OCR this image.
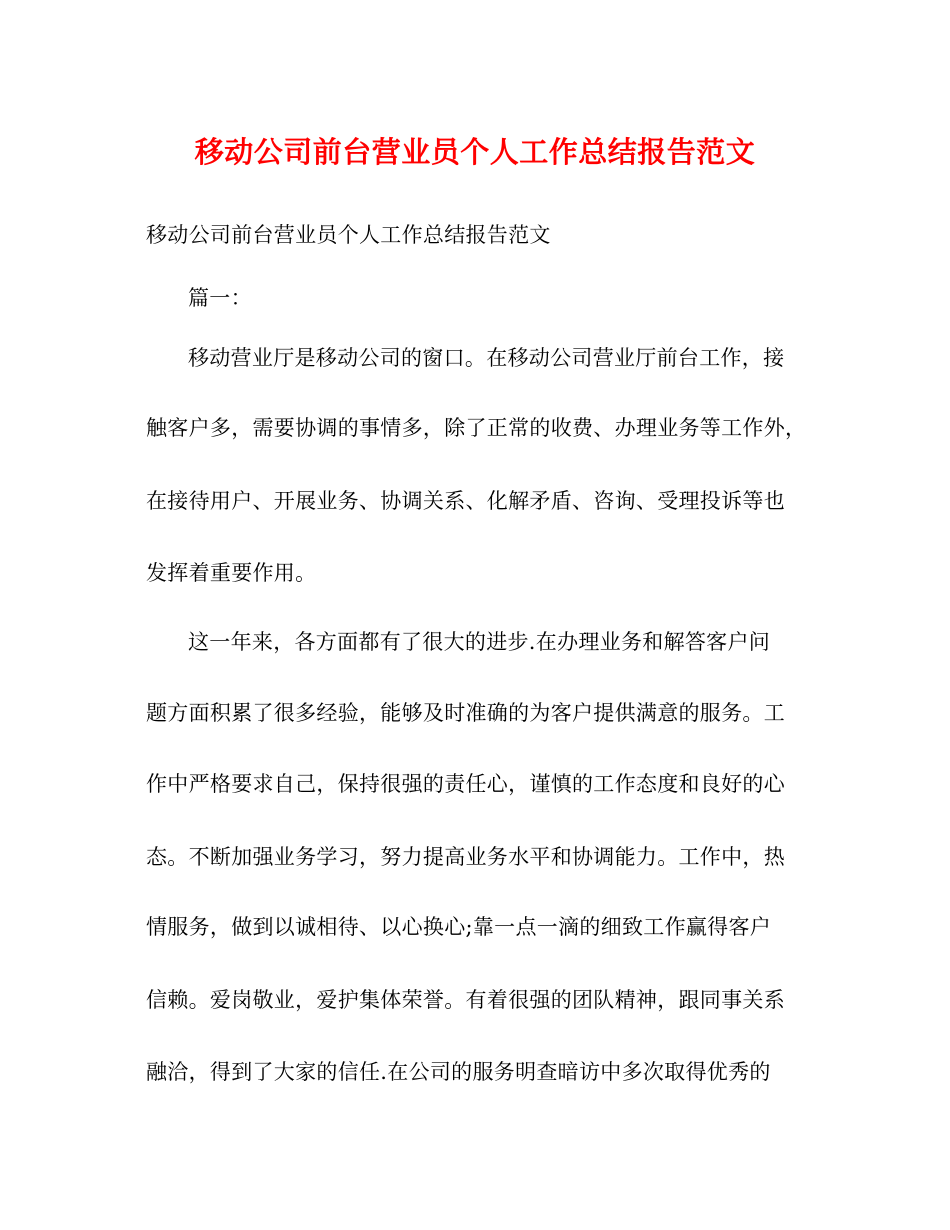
移动公司前台营业员个人工作总结报告范文

移动公司前台营业员个人工作总结报告范文

篇一：

移动营业厅是移动公司的窗口。在移动公司营业厅前台工作，接

触客户多，需要协调的事情多，除了正常的收费、办理业务等工作外，

在接待用户、开展业务、协调关系、化解矛盾、咨询、受理投诉等也

发挥着重要作用。

这一年来，各方面都有了很大的进步.在办理业务和解答客户问

题方面积累了很多经验，能够及时准确的为客户提供满意的服务。工

作中严格要求自己，保持很强的责任心，谨慎的工作态度和良好的心

态。不断加强业务学习，努力提高业务水平和协调能力。工作中，热

情服务，做到以诚相待、以心换心;靠一点一滴的细致工作赢得客户

信赖。爱岗敬业，爱护集体荣誉。有着很强的团队精神，跟同事关系

融洽，得到了大家的信任.在公司的服务明查暗访中多次取得优秀的
